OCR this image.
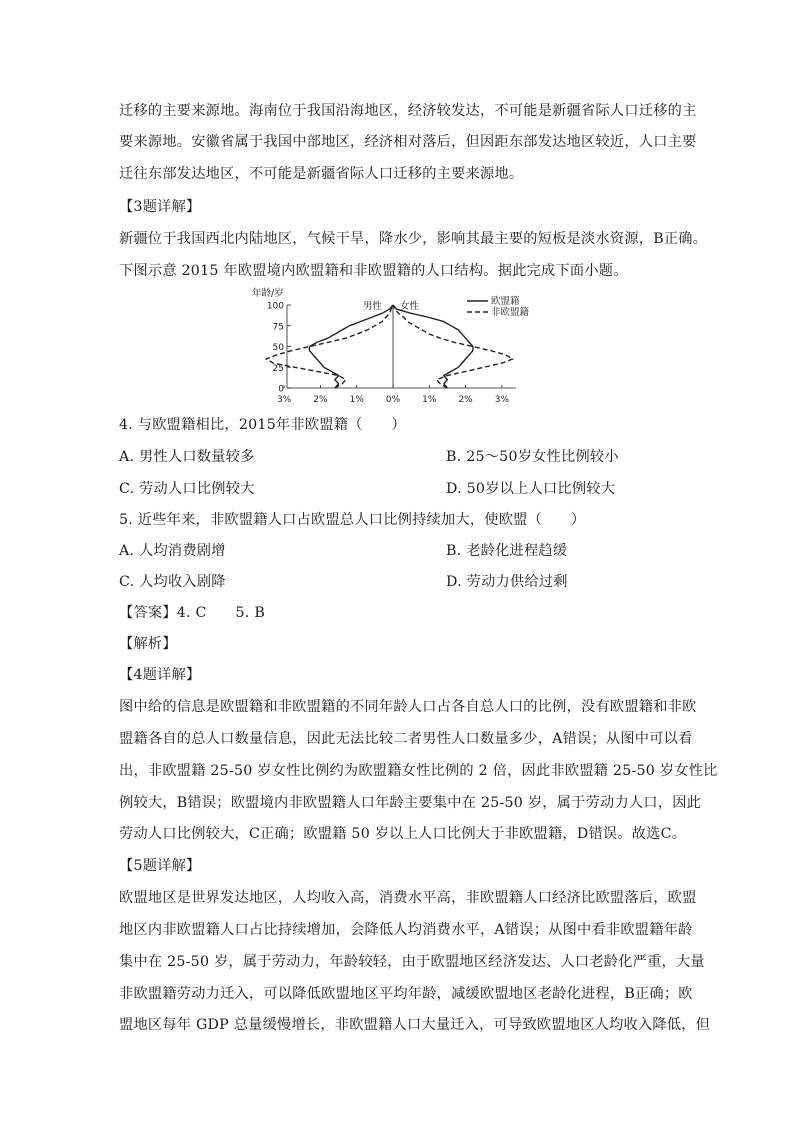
迁移的主要来源地。海南位于我国沿海地区，经济较发达，不可能是新疆省际人口迁移的主
要来源地。安徽省属于我国中部地区，经济相对落后，但因距东部发达地区较近，人口主要
迁往东部发达地区，不可能是新疆省际人口迁移的主要来源地。
【3题详解】
新疆位于我国西北内陆地区，气候干旱，降水少，影响其最主要的短板是淡水资源，B正确。
下图示意 2015 年欧盟境内欧盟籍和非欧盟籍的人口结构。据此完成下面小题。
年龄/岁
100
75
50
25
0
3% 2% 1% 0% 1% 2% 3%
男性 女性	欧盟籍
非欧盟籍
4. 与欧盟籍相比，2015年非欧盟籍（　　）
A. 男性人口数量较多	B. 25～50岁女性比例较小
C. 劳动人口比例较大	D. 50岁以上人口比例较大
5. 近些年来，非欧盟籍人口占欧盟总人口比例持续加大，使欧盟（　　）
A. 人均消费剧增	B. 老龄化进程趋缓
C. 人均收入剧降	D. 劳动力供给过剩
【答案】4. C　　5. B
【解析】
【4题详解】
图中给的信息是欧盟籍和非欧盟籍的不同年龄人口占各自总人口的比例，没有欧盟籍和非欧
盟籍各自的总人口数量信息，因此无法比较二者男性人口数量多少，A错误；从图中可以看
出，非欧盟籍 25-50 岁女性比例约为欧盟籍女性比例的 2 倍，因此非欧盟籍 25-50 岁女性比
例较大，B错误；欧盟境内非欧盟籍人口年龄主要集中在 25-50 岁，属于劳动力人口，因此
劳动人口比例较大，C正确；欧盟籍 50 岁以上人口比例大于非欧盟籍，D错误。故选C。
【5题详解】
欧盟地区是世界发达地区，人均收入高，消费水平高，非欧盟籍人口经济比欧盟落后，欧盟
地区内非欧盟籍人口占比持续增加，会降低人均消费水平，A错误；从图中看非欧盟籍年龄
集中在 25-50 岁，属于劳动力，年龄较轻，由于欧盟地区经济发达、人口老龄化严重，大量
非欧盟籍劳动力迁入，可以降低欧盟地区平均年龄，减缓欧盟地区老龄化进程，B正确；欧
盟地区每年 GDP 总量缓慢增长，非欧盟籍人口大量迁入，可导致欧盟地区人均收入降低，但
